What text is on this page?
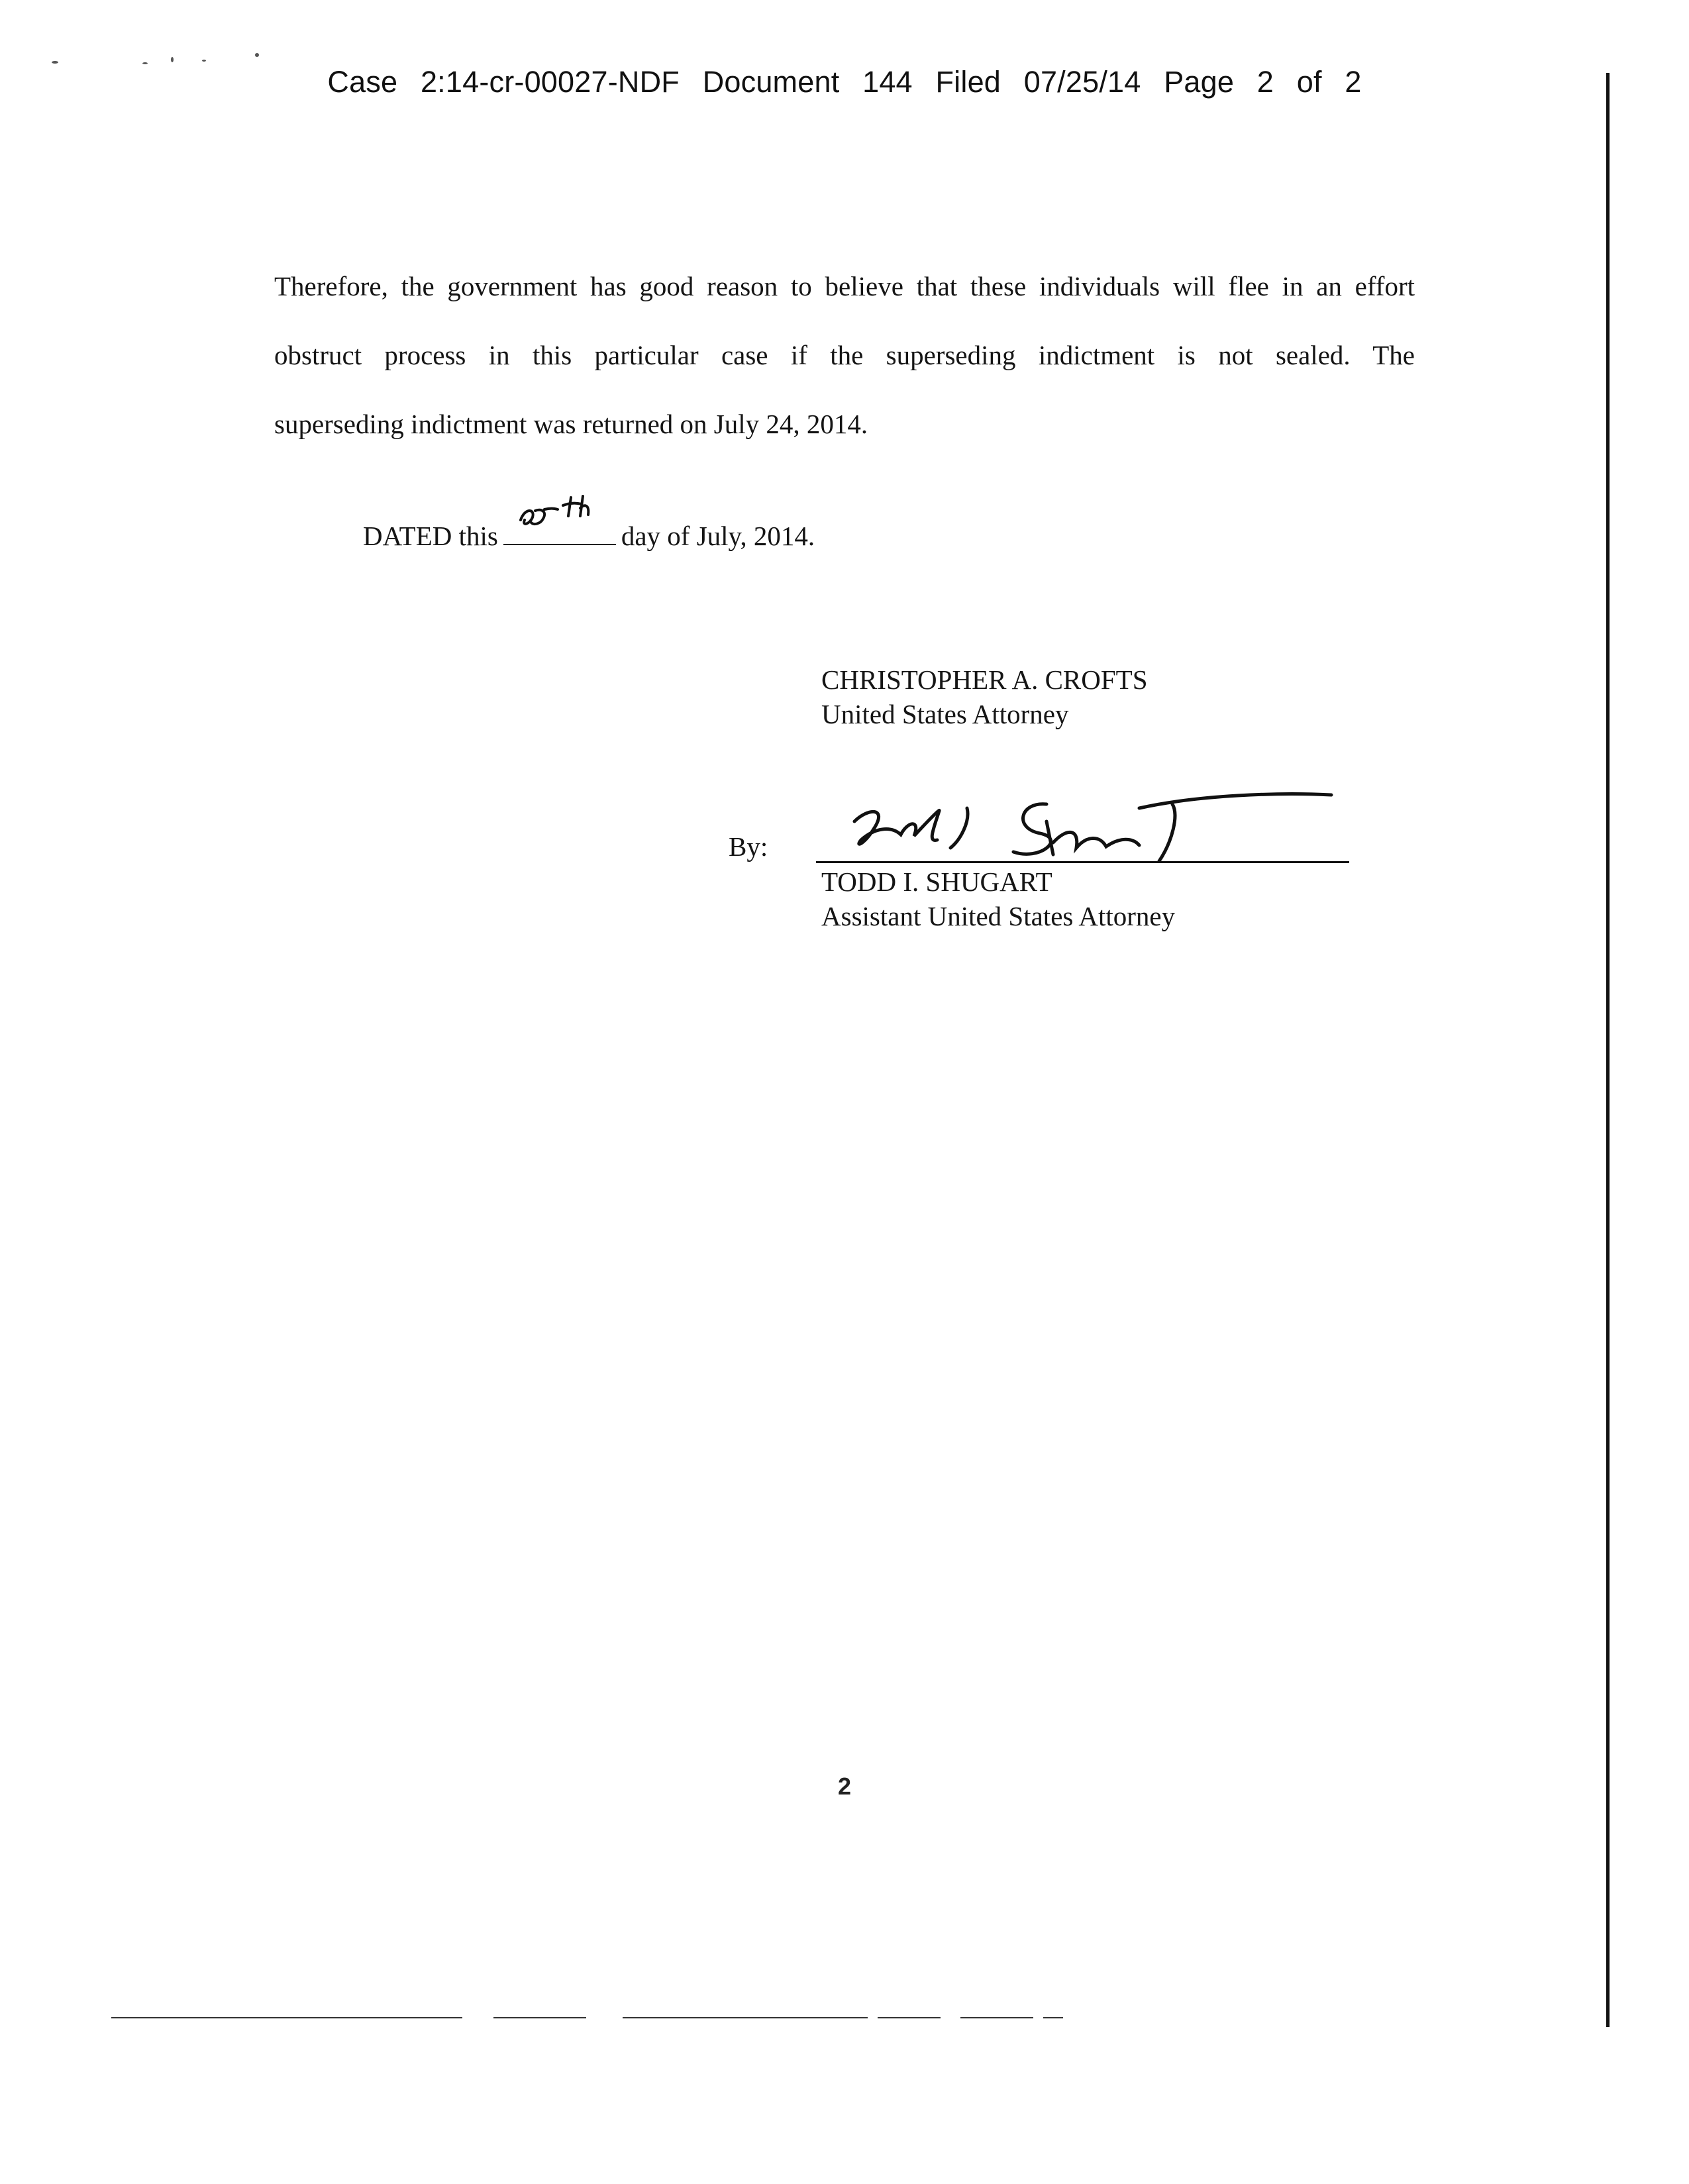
Case 2:14-cr-00027-NDF Document 144 Filed 07/25/14 Page 2 of 2
Therefore, the government has good reason to believe that these individuals will flee in an effort
obstruct process in this particular case if the superseding indictment is not sealed. The
superseding indictment was returned on July 24, 2014.
DATED this	day of July, 2014.
CHRISTOPHER A. CROFTS
United States Attorney
By:
TODD I. SHUGART
Assistant United States Attorney
2
